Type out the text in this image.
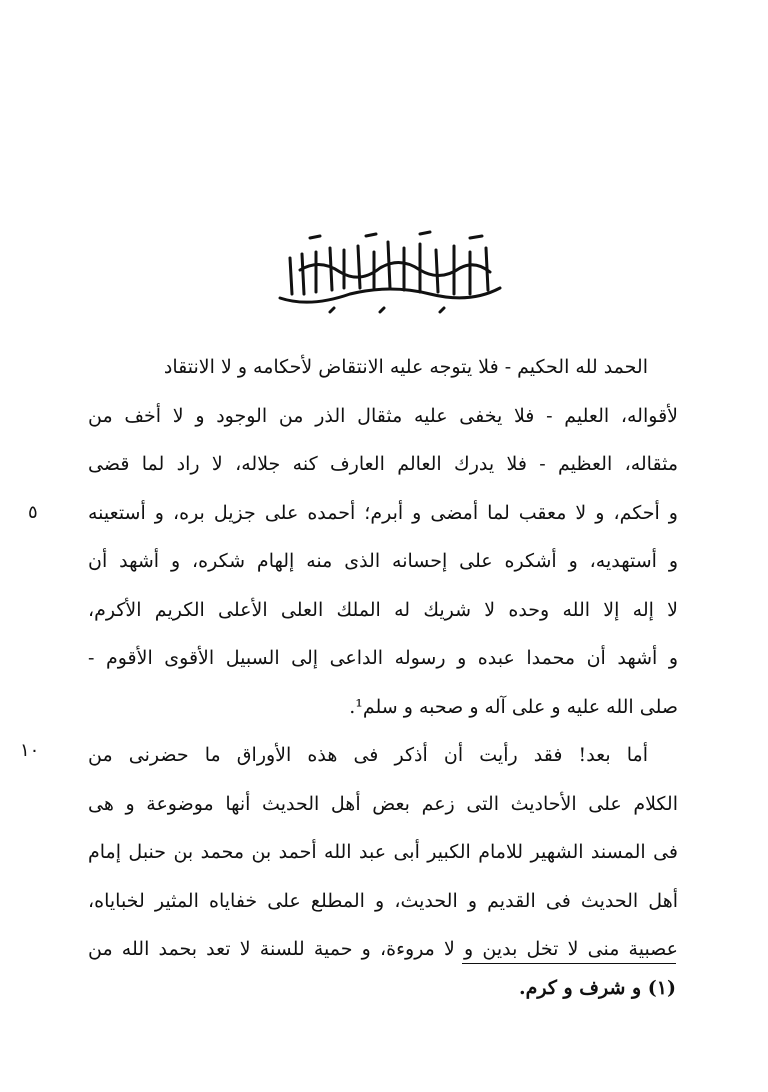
الحمد لله الحكيم - فلا يتوجه عليه الانتقاض لأحكامه و لا الانتقاد
لأقواله، العليم - فلا يخفى عليه مثقال الذر من الوجود و لا أخف من
مثقاله، العظيم - فلا يدرك العالم العارف كنه جلاله، لا راد لما قضى
و أحكم، و لا معقب لما أمضى و أبرم؛ أحمده على جزيل بره، و أستعينه
و أستهديه، و أشكره على إحسانه الذى منه إلهام شكره، و أشهد أن
لا إله إلا الله وحده لا شريك له الملك العلى الأعلى الكريم الأكرم،
و أشهد أن محمدا عبده و رسوله الداعى إلى السبيل الأقوى الأقوم -
صلى الله عليه و على آله و صحبه و سلم¹.
أما بعد! فقد رأيت أن أذكر فى هذه الأوراق ما حضرنى من
الكلام على الأحاديث التى زعم بعض أهل الحديث أنها موضوعة و هى
فى المسند الشهير للامام الكبير أبى عبد الله أحمد بن محمد بن حنبل إمام
أهل الحديث فى القديم و الحديث، و المطلع على خفاياه المثير لخباياه،
عصبية منى لا تخل بدين و لا مروءة، و حمية للسنة لا تعد بحمد الله من
٥
١٠
(١) و شرف و كرم.
